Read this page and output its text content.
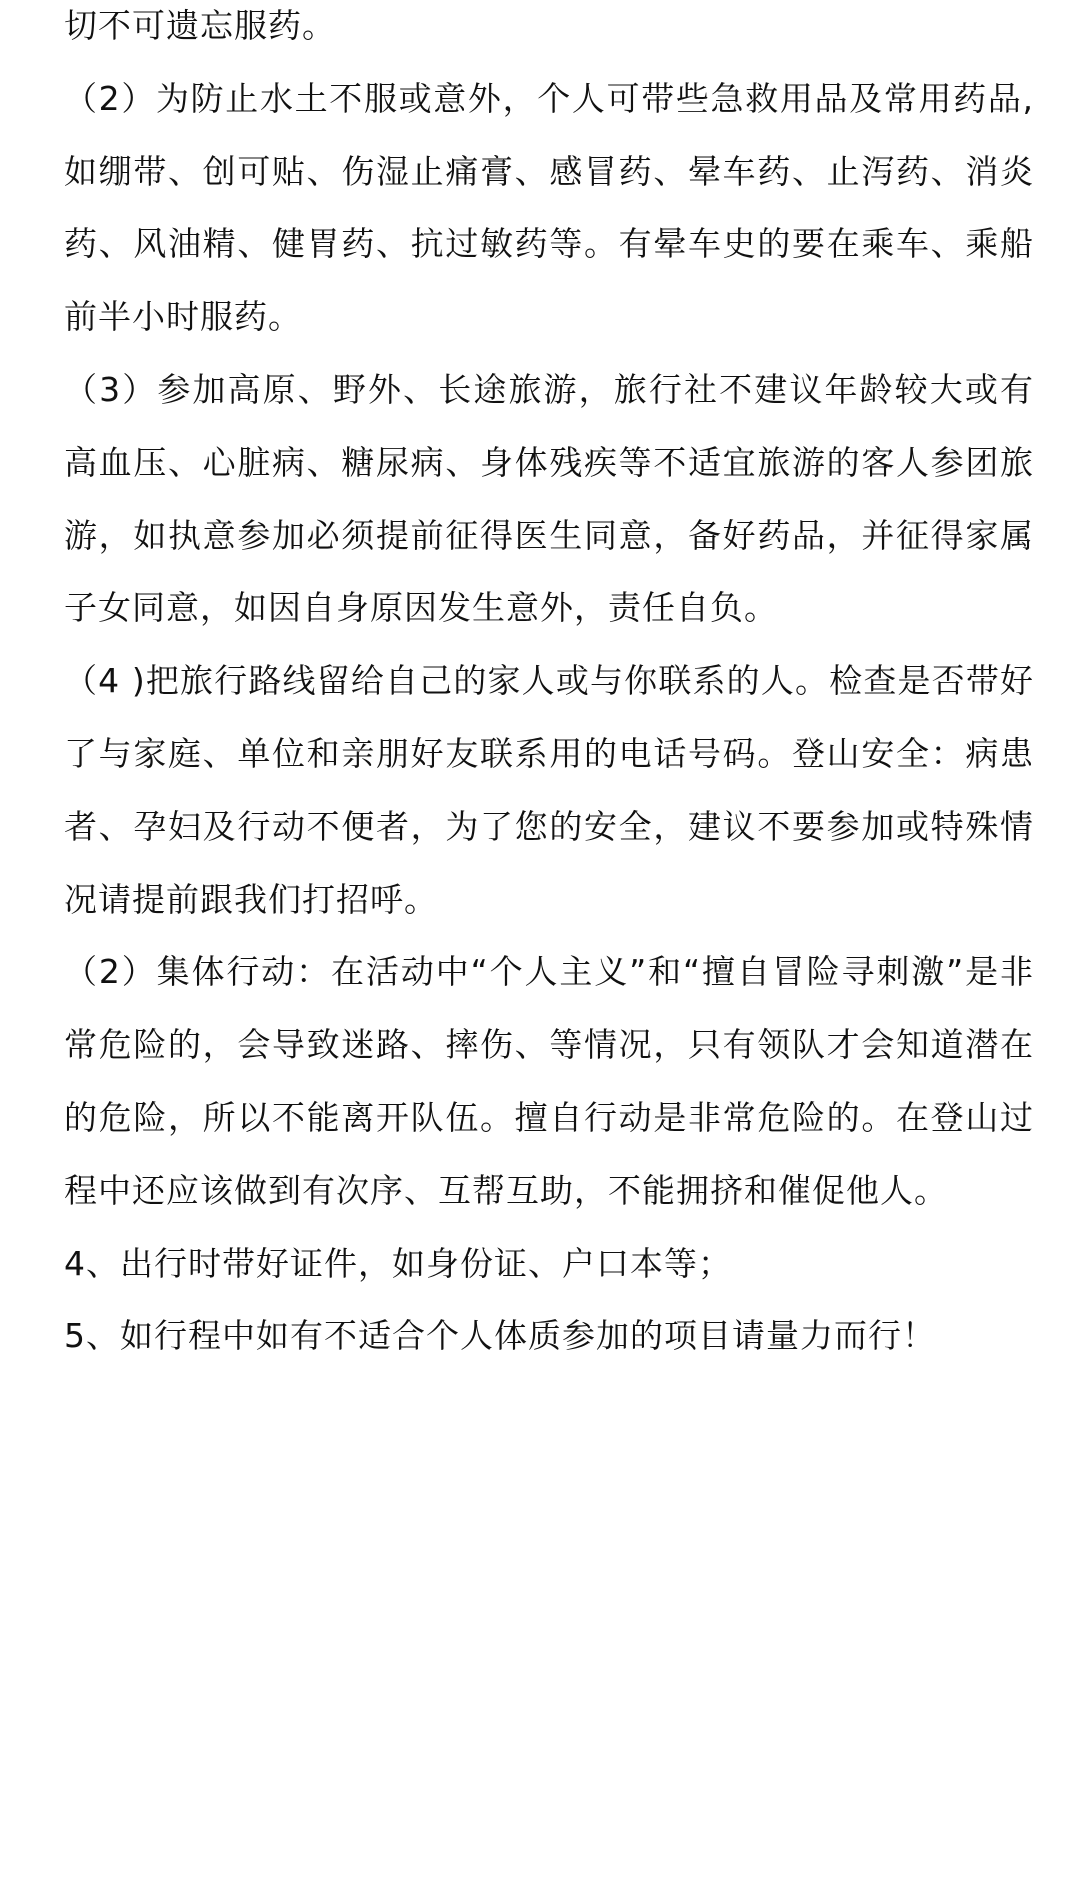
切不可遗忘服药。

（2）为防止水土不服或意外，个人可带些急救用品及常用药品,如绷带、创可贴、伤湿止痛膏、感冒药、晕车药、止泻药、消炎药、风油精、健胃药、抗过敏药等。有晕车史的要在乘车、乘船前半小时服药。

（3）参加高原、野外、长途旅游，旅行社不建议年龄较大或有高血压、心脏病、糖尿病、身体残疾等不适宜旅游的客人参团旅游，如执意参加必须提前征得医生同意，备好药品，并征得家属子女同意，如因自身原因发生意外，责任自负。

（4 )把旅行路线留给自己的家人或与你联系的人。检查是否带好了与家庭、单位和亲朋好友联系用的电话号码。登山安全：病患者、孕妇及行动不便者，为了您的安全，建议不要参加或特殊情况请提前跟我们打招呼。

（2）集体行动：在活动中“个人主义”和“擅自冒险寻刺激”是非常危险的，会导致迷路、摔伤、等情况，只有领队才会知道潜在的危险，所以不能离开队伍。擅自行动是非常危险的。在登山过程中还应该做到有次序、互帮互助，不能拥挤和催促他人。

4、出行时带好证件，如身份证、户口本等；

5、如行程中如有不适合个人体质参加的项目请量力而行！
